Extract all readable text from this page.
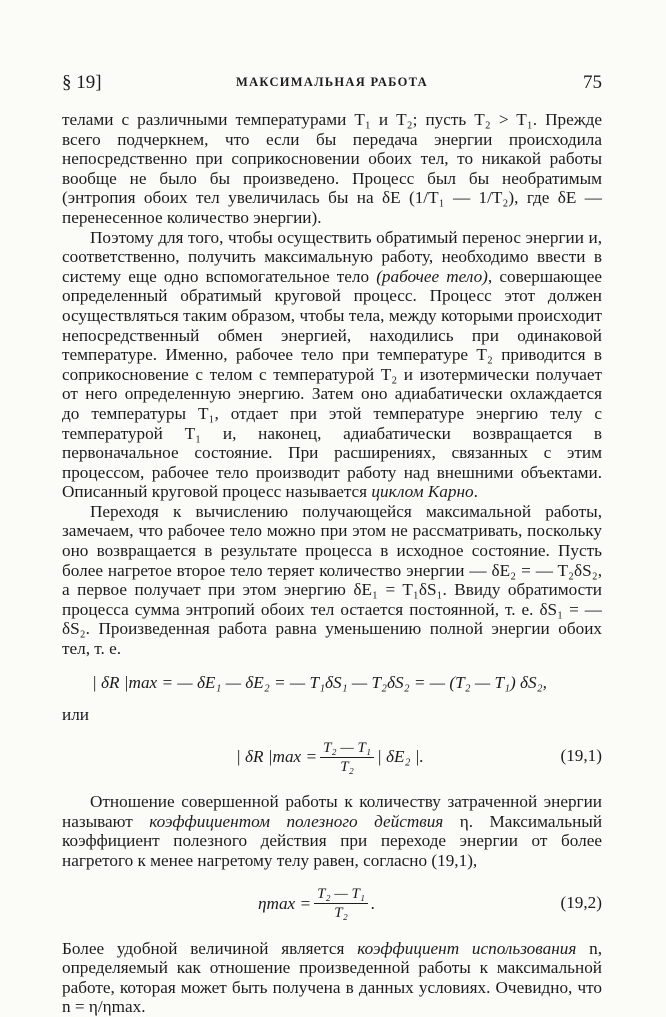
§ 19]	МАКСИМАЛЬНАЯ РАБОТА	75

телами с различными температурами T₁ и T₂; пусть T₂ > T₁. Прежде всего подчеркнем, что если бы передача энергии происходила непосредственно при соприкосновении обоих тел, то никакой работы вообще не было бы произведено. Процесс был бы необратимым (энтропия обоих тел увеличилась бы на δE (1/T₁ — 1/T₂), где δE — перенесенное количество энергии).

Поэтому для того, чтобы осуществить обратимый перенос энергии и, соответственно, получить максимальную работу, необходимо ввести в систему еще одно вспомогательное тело (рабочее тело), совершающее определенный обратимый круговой процесс. Процесс этот должен осуществляться таким образом, чтобы тела, между которыми происходит непосредственный обмен энергией, находились при одинаковой температуре. Именно, рабочее тело при температуре T₂ приводится в соприкосновение с телом с температурой T₂ и изотермически получает от него определенную энергию. Затем оно адиабатически охлаждается до температуры T₁, отдает при этой температуре энергию телу с температурой T₁ и, наконец, адиабатически возвращается в первоначальное состояние. При расширениях, связанных с этим процессом, рабочее тело производит работу над внешними объектами. Описанный круговой процесс называется циклом Карно.

Переходя к вычислению получающейся максимальной работы, замечаем, что рабочее тело можно при этом не рассматривать, поскольку оно возвращается в результате процесса в исходное состояние. Пусть более нагретое второе тело теряет количество энергии — δE₂ = — T₂δS₂, а первое получает при этом энергию δE₁ = T₁δS₁. Ввиду обратимости процесса сумма энтропий обоих тел остается постоянной, т. е. δS₁ = — δS₂. Произведенная работа равна уменьшению полной энергии обоих тел, т. е.

| δR |max = — δE₁ — δE₂ = — T₁δS₁ — T₂δS₂ = — (T₂ — T₁) δS₂,

или

| δR $|\max = \frac{\text{T₂ — T₁}}{\text{T₂}}$ | δE₂ |.	(19,1)

Отношение совершенной работы к количеству затраченной энергии называют коэффициентом полезного действия η. Максимальный коэффициент полезного действия при переходе энергии от более нагретого к менее нагретому телу равен, согласно (19,1),

$\eta\max = \frac{\text{T₂ — T₁}}{\text{T₂}}$ .	(19,2)

Более удобной величиной является коэффициент использования n, определяемый как отношение произведенной работы к максимальной работе, которая может быть получена в данных условиях. Очевидно, что n = η/ηmax.
